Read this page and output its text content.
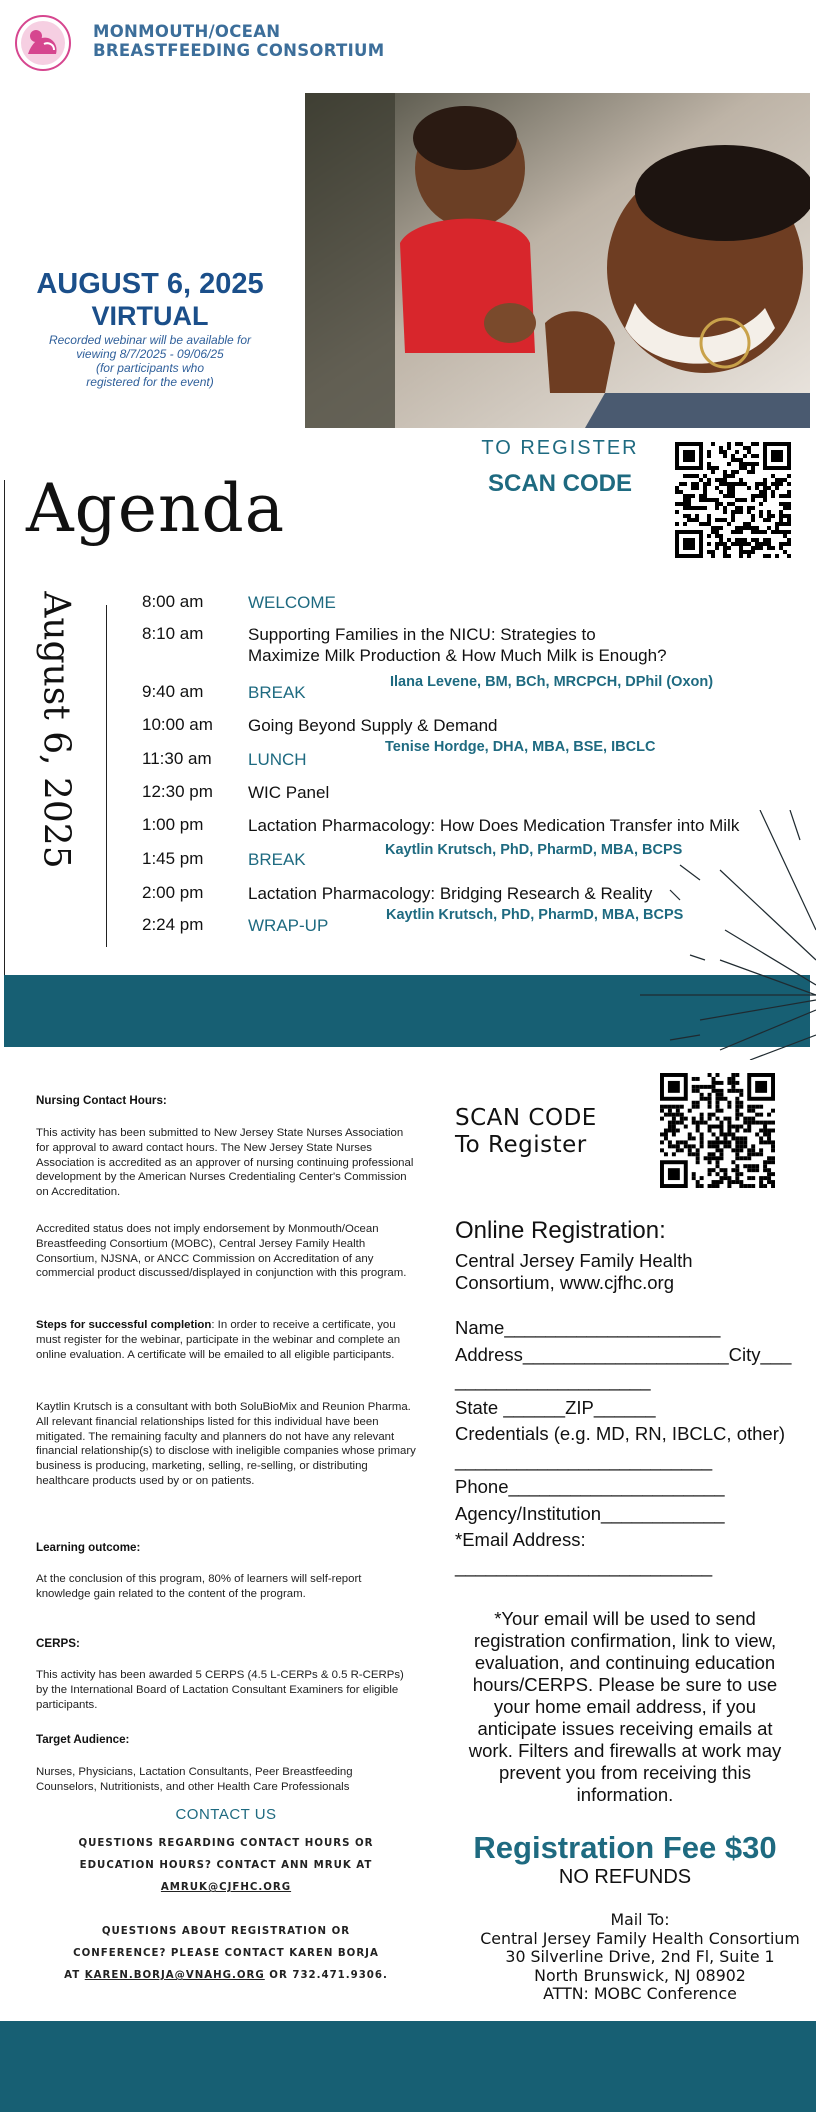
MONMOUTH/OCEAN
BREASTFEEDING CONSORTIUM
AUGUST 6, 2025
VIRTUAL
Recorded webinar will be available for
viewing 8/7/2025 - 09/06/25
(for participants who
registered for the event)
TO REGISTER
SCAN CODE
Agenda
August 6, 2025	8:00 am	WELCOME
8:10 am	Supporting Families in the NICU: Strategies to
Maximize Milk Production & How Much Milk is Enough?
Ilana Levene, BM, BCh, MRCPCH, DPhil (Oxon)
9:40 am	BREAK
10:00 am Going Beyond Supply & Demand
Tenise Hordge, DHA, MBA, BSE, IBCLC
11:30 am LUNCH
12:30 pm WIC Panel
1:00 pm	Lactation Pharmacology: How Does Medication Transfer into Milk
Kaytlin Krutsch, PhD, PharmD, MBA, BCPS
1:45 pm	BREAK
2:00 pm	Lactation Pharmacology: Bridging Research & Reality
Kaytlin Krutsch, PhD, PharmD, MBA, BCPS
2:24 pm	WRAP-UP
Nursing Contact Hours:
This activity has been submitted to New Jersey State Nurses Association for approval to award contact hours. The New Jersey State Nurses Association is accredited as an approver of nursing continuing professional development by the American Nurses Credentialing Center's Commission on Accreditation.
Accredited status does not imply endorsement by Monmouth/Ocean Breastfeeding Consortium (MOBC), Central Jersey Family Health Consortium, NJSNA, or ANCC Commission on Accreditation of any commercial product discussed/displayed in conjunction with this program.
Steps for successful completion: In order to receive a certificate, you must register for the webinar, participate in the webinar and complete an online evaluation. A certificate will be emailed to all eligible participants.
Kaytlin Krutsch is a consultant with both SoluBioMix and Reunion Pharma. All relevant financial relationships listed for this individual have been mitigated. The remaining faculty and planners do not have any relevant financial relationship(s) to disclose with ineligible companies whose primary business is producing, marketing, selling, re-selling, or distributing healthcare products used by or on patients.
Learning outcome:
At the conclusion of this program, 80% of learners will self-report knowledge gain related to the content of the program.
CERPS:
This activity has been awarded 5 CERPS (4.5 L-CERPs & 0.5 R-CERPs) by the International Board of Lactation Consultant Examiners for eligible participants.
Target Audience:
Nurses, Physicians, Lactation Consultants, Peer Breastfeeding Counselors, Nutritionists, and other Health Care Professionals
CONTACT US
QUESTIONS REGARDING CONTACT HOURS OR
EDUCATION HOURS? CONTACT ANN MRUK AT
AMRUK@CJFHC.ORG
QUESTIONS ABOUT REGISTRATION OR
CONFERENCE? PLEASE CONTACT KAREN BORJA
AT KAREN.BORJA@VNAHG.ORG OR 732.471.9306.
SCAN CODE
To Register
Online Registration:
Central Jersey Family Health
Consortium, www.cjfhc.org
Name_____________________
Address____________________City___
___________________
State ______ZIP______
Credentials (e.g. MD, RN, IBCLC, other)
_________________________
Phone_____________________
Agency/Institution____________
*Email Address:
_________________________
*Your email will be used to send registration confirmation, link to view, evaluation, and continuing education hours/CERPS. Please be sure to use your home email address, if you anticipate issues receiving emails at work. Filters and firewalls at work may prevent you from receiving this information.
Registration Fee $30
NO REFUNDS
Mail To:
Central Jersey Family Health Consortium
30 Silverline Drive, 2nd Fl, Suite 1
North Brunswick, NJ 08902
ATTN: MOBC Conference
